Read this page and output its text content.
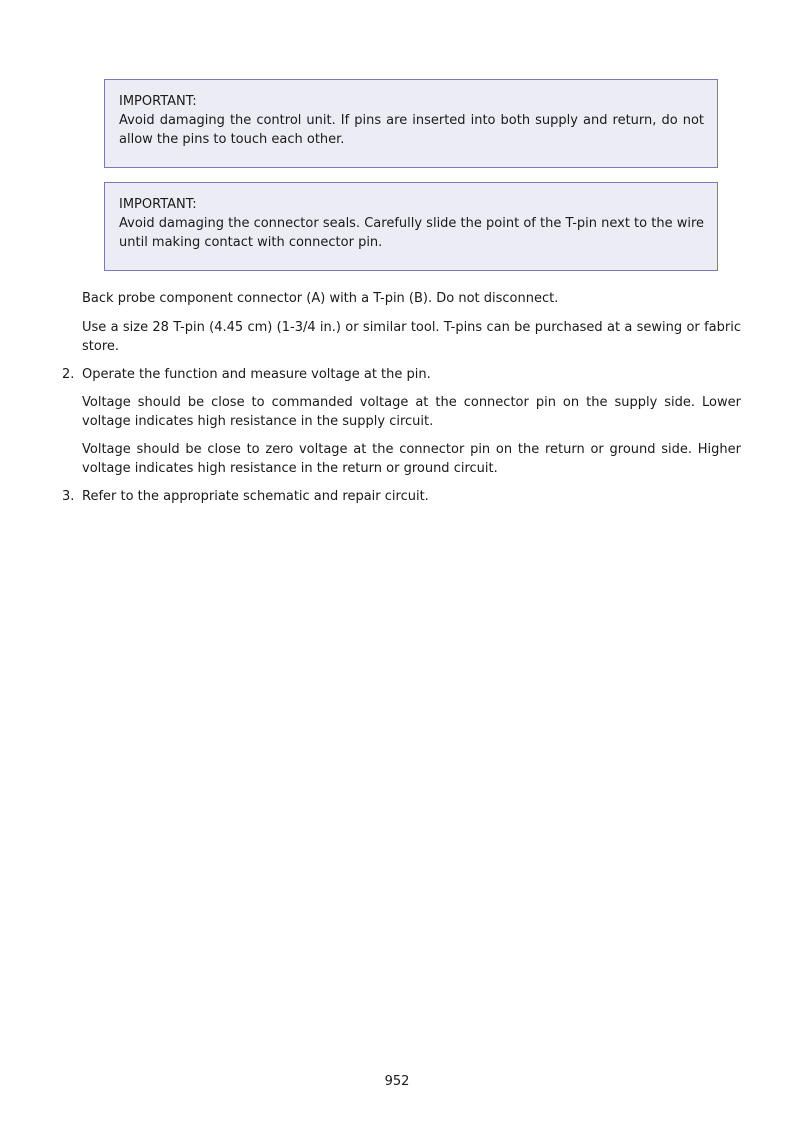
IMPORTANT:
Avoid damaging the control unit. If pins are inserted into both supply and return, do not allow the pins to touch each other.
IMPORTANT:
Avoid damaging the connector seals. Carefully slide the point of the T-pin next to the wire until making contact with connector pin.

Back probe component connector (A) with a T-pin (B). Do not disconnect.

Use a size 28 T-pin (4.45 cm) (1-3/4 in.) or similar tool. T-pins can be purchased at a sewing or fabric store.

2. Operate the function and measure voltage at the pin.

Voltage should be close to commanded voltage at the connector pin on the supply side. Lower voltage indicates high resistance in the supply circuit.

Voltage should be close to zero voltage at the connector pin on the return or ground side. Higher voltage indicates high resistance in the return or ground circuit.

3. Refer to the appropriate schematic and repair circuit.
952
